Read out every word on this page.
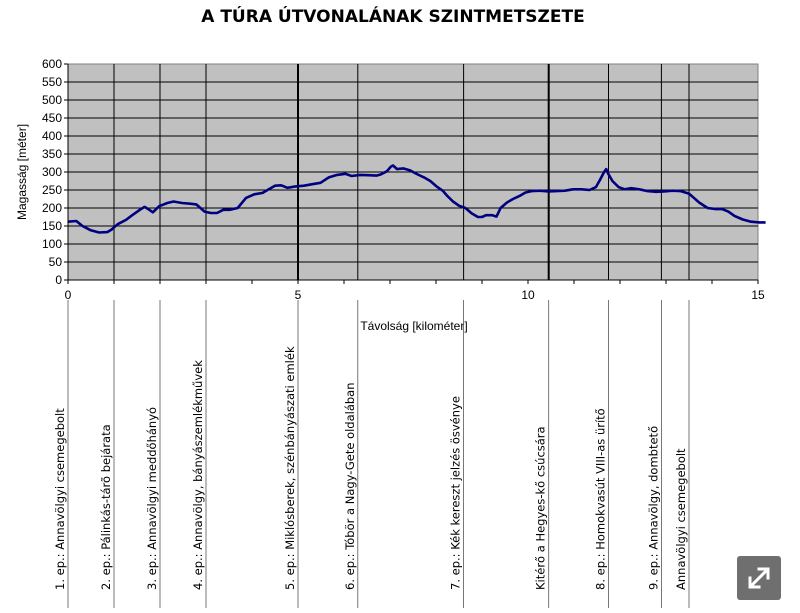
A TÚRA ÚTVONALÁNAK SZINTMETSZETE
0
50
100
150
200
250
300
350
400
450
500
550
600
0	5	10	15
Távolság [kilométer]
Magasság [méter]
1. ep.: Annavölgyi csemegebolt	2. ep.: Pálinkás-tárõ bejárata	3. ep.: Annavölgyi meddőhányó	4. ep.: Annavölgy, bányászemlékművek	5. ep.: Miklósberek, szénbányászati emlék	6. ep.: Tóbör a Nagy-Gete oldalában	7. ep.: Kék kereszt jelzés ösvénye	Kitérő a Hegyes-kő csúcsára	8. ep.: Homokvasút VIII-as ürítő	9. ep.: Annavölgy, dombtető Annavölgyi csemegebolt
